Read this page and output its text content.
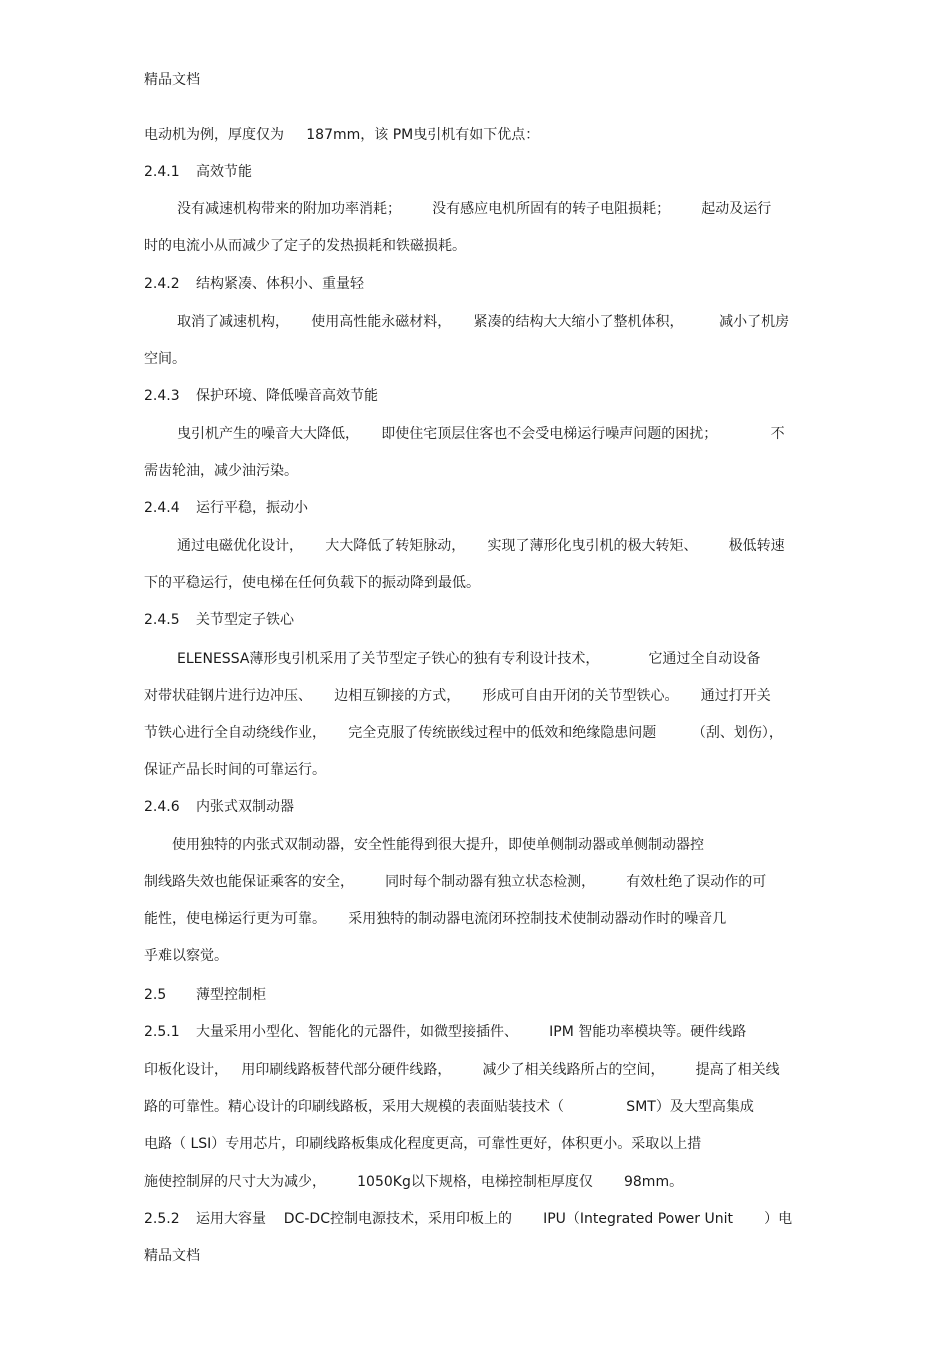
精品文档
电动机为例，厚度仅为     187mm，该 PM曳引机有如下优点：
2.4.1 高效节能
没有减速机构带来的附加功率消耗；       没有感应电机所固有的转子电阻损耗；       起动及运行
时的电流小从而减少了定子的发热损耗和铁磁损耗。
2.4.2 结构紧凑、体积小、重量轻
取消了减速机构，     使用高性能永磁材料，     紧凑的结构大大缩小了整机体积，        减小了机房
空间。
2.4.3 保护环境、降低噪音高效节能
曳引机产生的噪音大大降低，     即使住宅顶层住客也不会受电梯运行噪声问题的困扰；            不
需齿轮油，减少油污染。
2.4.4 运行平稳，振动小
通过电磁优化设计，     大大降低了转矩脉动，     实现了薄形化曳引机的极大转矩、       极低转速
下的平稳运行，使电梯在任何负载下的振动降到最低。
2.4.5 关节型定子铁心
ELENESSA薄形曳引机采用了关节型定子铁心的独有专利设计技术，           它通过全自动设备
对带状硅钢片进行边冲压、     边相互铆接的方式，     形成可自由开闭的关节型铁心。     通过打开关
节铁心进行全自动绕线作业，     完全克服了传统嵌线过程中的低效和绝缘隐患问题        （刮、划伤），
保证产品长时间的可靠运行。
2.4.6 内张式双制动器
使用独特的内张式双制动器，安全性能得到很大提升，即使单侧制动器或单侧制动器控
制线路失效也能保证乘客的安全，       同时每个制动器有独立状态检测，       有效杜绝了误动作的可
能性，使电梯运行更为可靠。     采用独特的制动器电流闭环控制技术使制动器动作时的噪音几
乎难以察觉。
2.5 薄型控制柜
2.5.1 大量采用小型化、智能化的元器件，如微型接插件、       IPM 智能功率模块等。硬件线路
印板化设计，   用印刷线路板替代部分硬件线路，       减少了相关线路所占的空间，       提高了相关线
路的可靠性。精心设计的印刷线路板，采用大规模的表面贴装技术（              SMT）及大型高集成
电路（ LSI）专用芯片，印刷线路板集成化程度更高，可靠性更好，体积更小。采取以上措
施使控制屏的尺寸大为减少，       1050Kg以下规格，电梯控制柜厚度仅       98mm。
2.5.2 运用大容量    DC-DC控制电源技术，采用印板上的       IPU（Integrated Power Unit       ）电
精品文档
